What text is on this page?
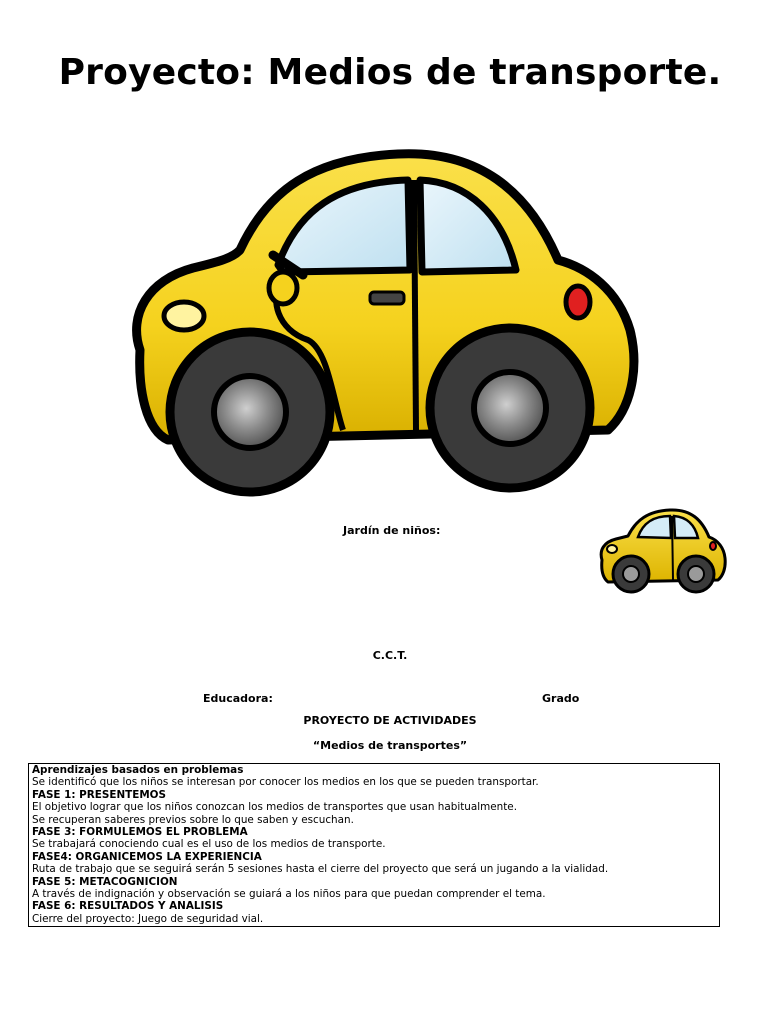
Proyecto: Medios de transporte.
Jardín de niños:
C.C.T.
Educadora:	Grado
PROYECTO DE ACTIVIDADES
“Medios de transportes”
Aprendizajes basados en problemas
Se identificó que los niños se interesan por conocer los medios en los que se pueden transportar.
FASE 1: PRESENTEMOS
El objetivo lograr que los niños conozcan los medios de transportes que usan habitualmente.
Se recuperan saberes previos sobre lo que saben y escuchan.
FASE 3: FORMULEMOS EL PROBLEMA
Se trabajará conociendo cual es el uso de los medios de transporte.
FASE4: ORGANICEMOS LA EXPERIENCIA
Ruta de trabajo que se seguirá serán 5 sesiones hasta el cierre del proyecto que será un jugando a la vialidad.
FASE 5: METACOGNICION
A través de indignación y observación se guiará a los niños para que puedan comprender el tema.
FASE 6: RESULTADOS Y ANALISIS
Cierre del proyecto: Juego de seguridad vial.
